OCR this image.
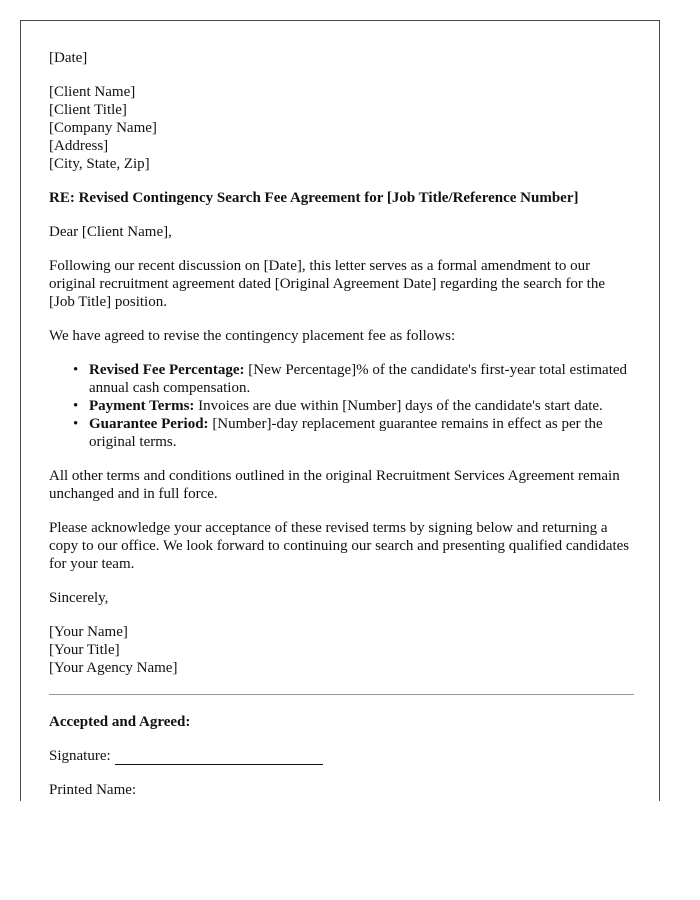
[Date]

[Client Name]
[Client Title]
[Company Name]
[Address]
[City, State, Zip]

RE: Revised Contingency Search Fee Agreement for [Job Title/Reference Number]

Dear [Client Name],

Following our recent discussion on [Date], this letter serves as a formal amendment to our original recruitment agreement dated [Original Agreement Date] regarding the search for the [Job Title] position.

We have agreed to revise the contingency placement fee as follows:

• Revised Fee Percentage: [New Percentage]% of the candidate's first-year total estimated annual cash compensation.
• Payment Terms: Invoices are due within [Number] days of the candidate's start date.
• Guarantee Period: [Number]-day replacement guarantee remains in effect as per the original terms.

All other terms and conditions outlined in the original Recruitment Services Agreement remain unchanged and in full force.

Please acknowledge your acceptance of these revised terms by signing below and returning a copy to our office. We look forward to continuing our search and presenting qualified candidates for your team.

Sincerely,

[Your Name]
[Your Title]
[Your Agency Name]

Accepted and Agreed:

Signature:
Printed Name:
